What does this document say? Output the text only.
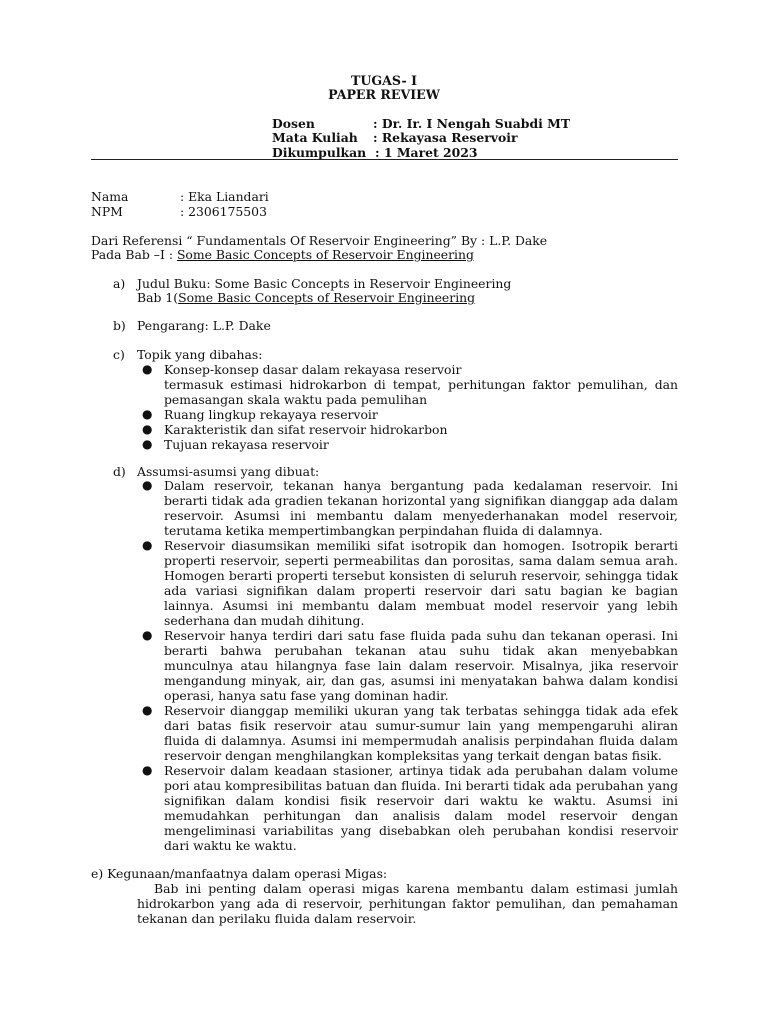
TUGAS- I
PAPER REVIEW
Dosen	: Dr. Ir. I Nengah Suabdi MT
Mata Kuliah : Rekayasa Reservoir
Dikumpulkan : 1 Maret 2023
Nama	: Eka Liandari
NPM	: 2306175503
Dari Referensi “ Fundamentals Of Reservoir Engineering” By : L.P. Dake
Pada Bab –I : Some Basic Concepts of Reservoir Engineering
a) Judul Buku: Some Basic Concepts in Reservoir Engineering
Bab 1(Some Basic Concepts of Reservoir Engineering
b) Pengarang: L.P. Dake
c) Topik yang dibahas:
● Konsep-konsep dasar dalam rekayasa reservoir
termasuk estimasi hidrokarbon di tempat, perhitungan faktor pemulihan, dan pemasangan skala waktu pada pemulihan
● Ruang lingkup rekayaya reservoir
● Karakteristik dan sifat reservoir hidrokarbon
● Tujuan rekayasa reservoir
d) Assumsi-asumsi yang dibuat:
● Dalam reservoir, tekanan hanya bergantung pada kedalaman reservoir. Ini berarti tidak ada gradien tekanan horizontal yang signifikan dianggap ada dalam reservoir. Asumsi ini membantu dalam menyederhanakan model reservoir, terutama ketika mempertimbangkan perpindahan fluida di dalamnya.
● Reservoir diasumsikan memiliki sifat isotropik dan homogen. Isotropik berarti properti reservoir, seperti permeabilitas dan porositas, sama dalam semua arah. Homogen berarti properti tersebut konsisten di seluruh reservoir, sehingga tidak ada variasi signifikan dalam properti reservoir dari satu bagian ke bagian lainnya. Asumsi ini membantu dalam membuat model reservoir yang lebih sederhana dan mudah dihitung.
● Reservoir hanya terdiri dari satu fase fluida pada suhu dan tekanan operasi. Ini berarti bahwa perubahan tekanan atau suhu tidak akan menyebabkan munculnya atau hilangnya fase lain dalam reservoir. Misalnya, jika reservoir mengandung minyak, air, dan gas, asumsi ini menyatakan bahwa dalam kondisi operasi, hanya satu fase yang dominan hadir.
● Reservoir dianggap memiliki ukuran yang tak terbatas sehingga tidak ada efek dari batas fisik reservoir atau sumur-sumur lain yang mempengaruhi aliran fluida di dalamnya. Asumsi ini mempermudah analisis perpindahan fluida dalam reservoir dengan menghilangkan kompleksitas yang terkait dengan batas fisik.
● Reservoir dalam keadaan stasioner, artinya tidak ada perubahan dalam volume pori atau kompresibilitas batuan dan fluida. Ini berarti tidak ada perubahan yang signifikan dalam kondisi fisik reservoir dari waktu ke waktu. Asumsi ini memudahkan perhitungan dan analisis dalam model reservoir dengan mengeliminasi variabilitas yang disebabkan oleh perubahan kondisi reservoir dari waktu ke waktu.
e) Kegunaan/manfaatnya dalam operasi Migas:
Bab ini penting dalam operasi migas karena membantu dalam estimasi jumlah hidrokarbon yang ada di reservoir, perhitungan faktor pemulihan, dan pemahaman tekanan dan perilaku fluida dalam reservoir.
